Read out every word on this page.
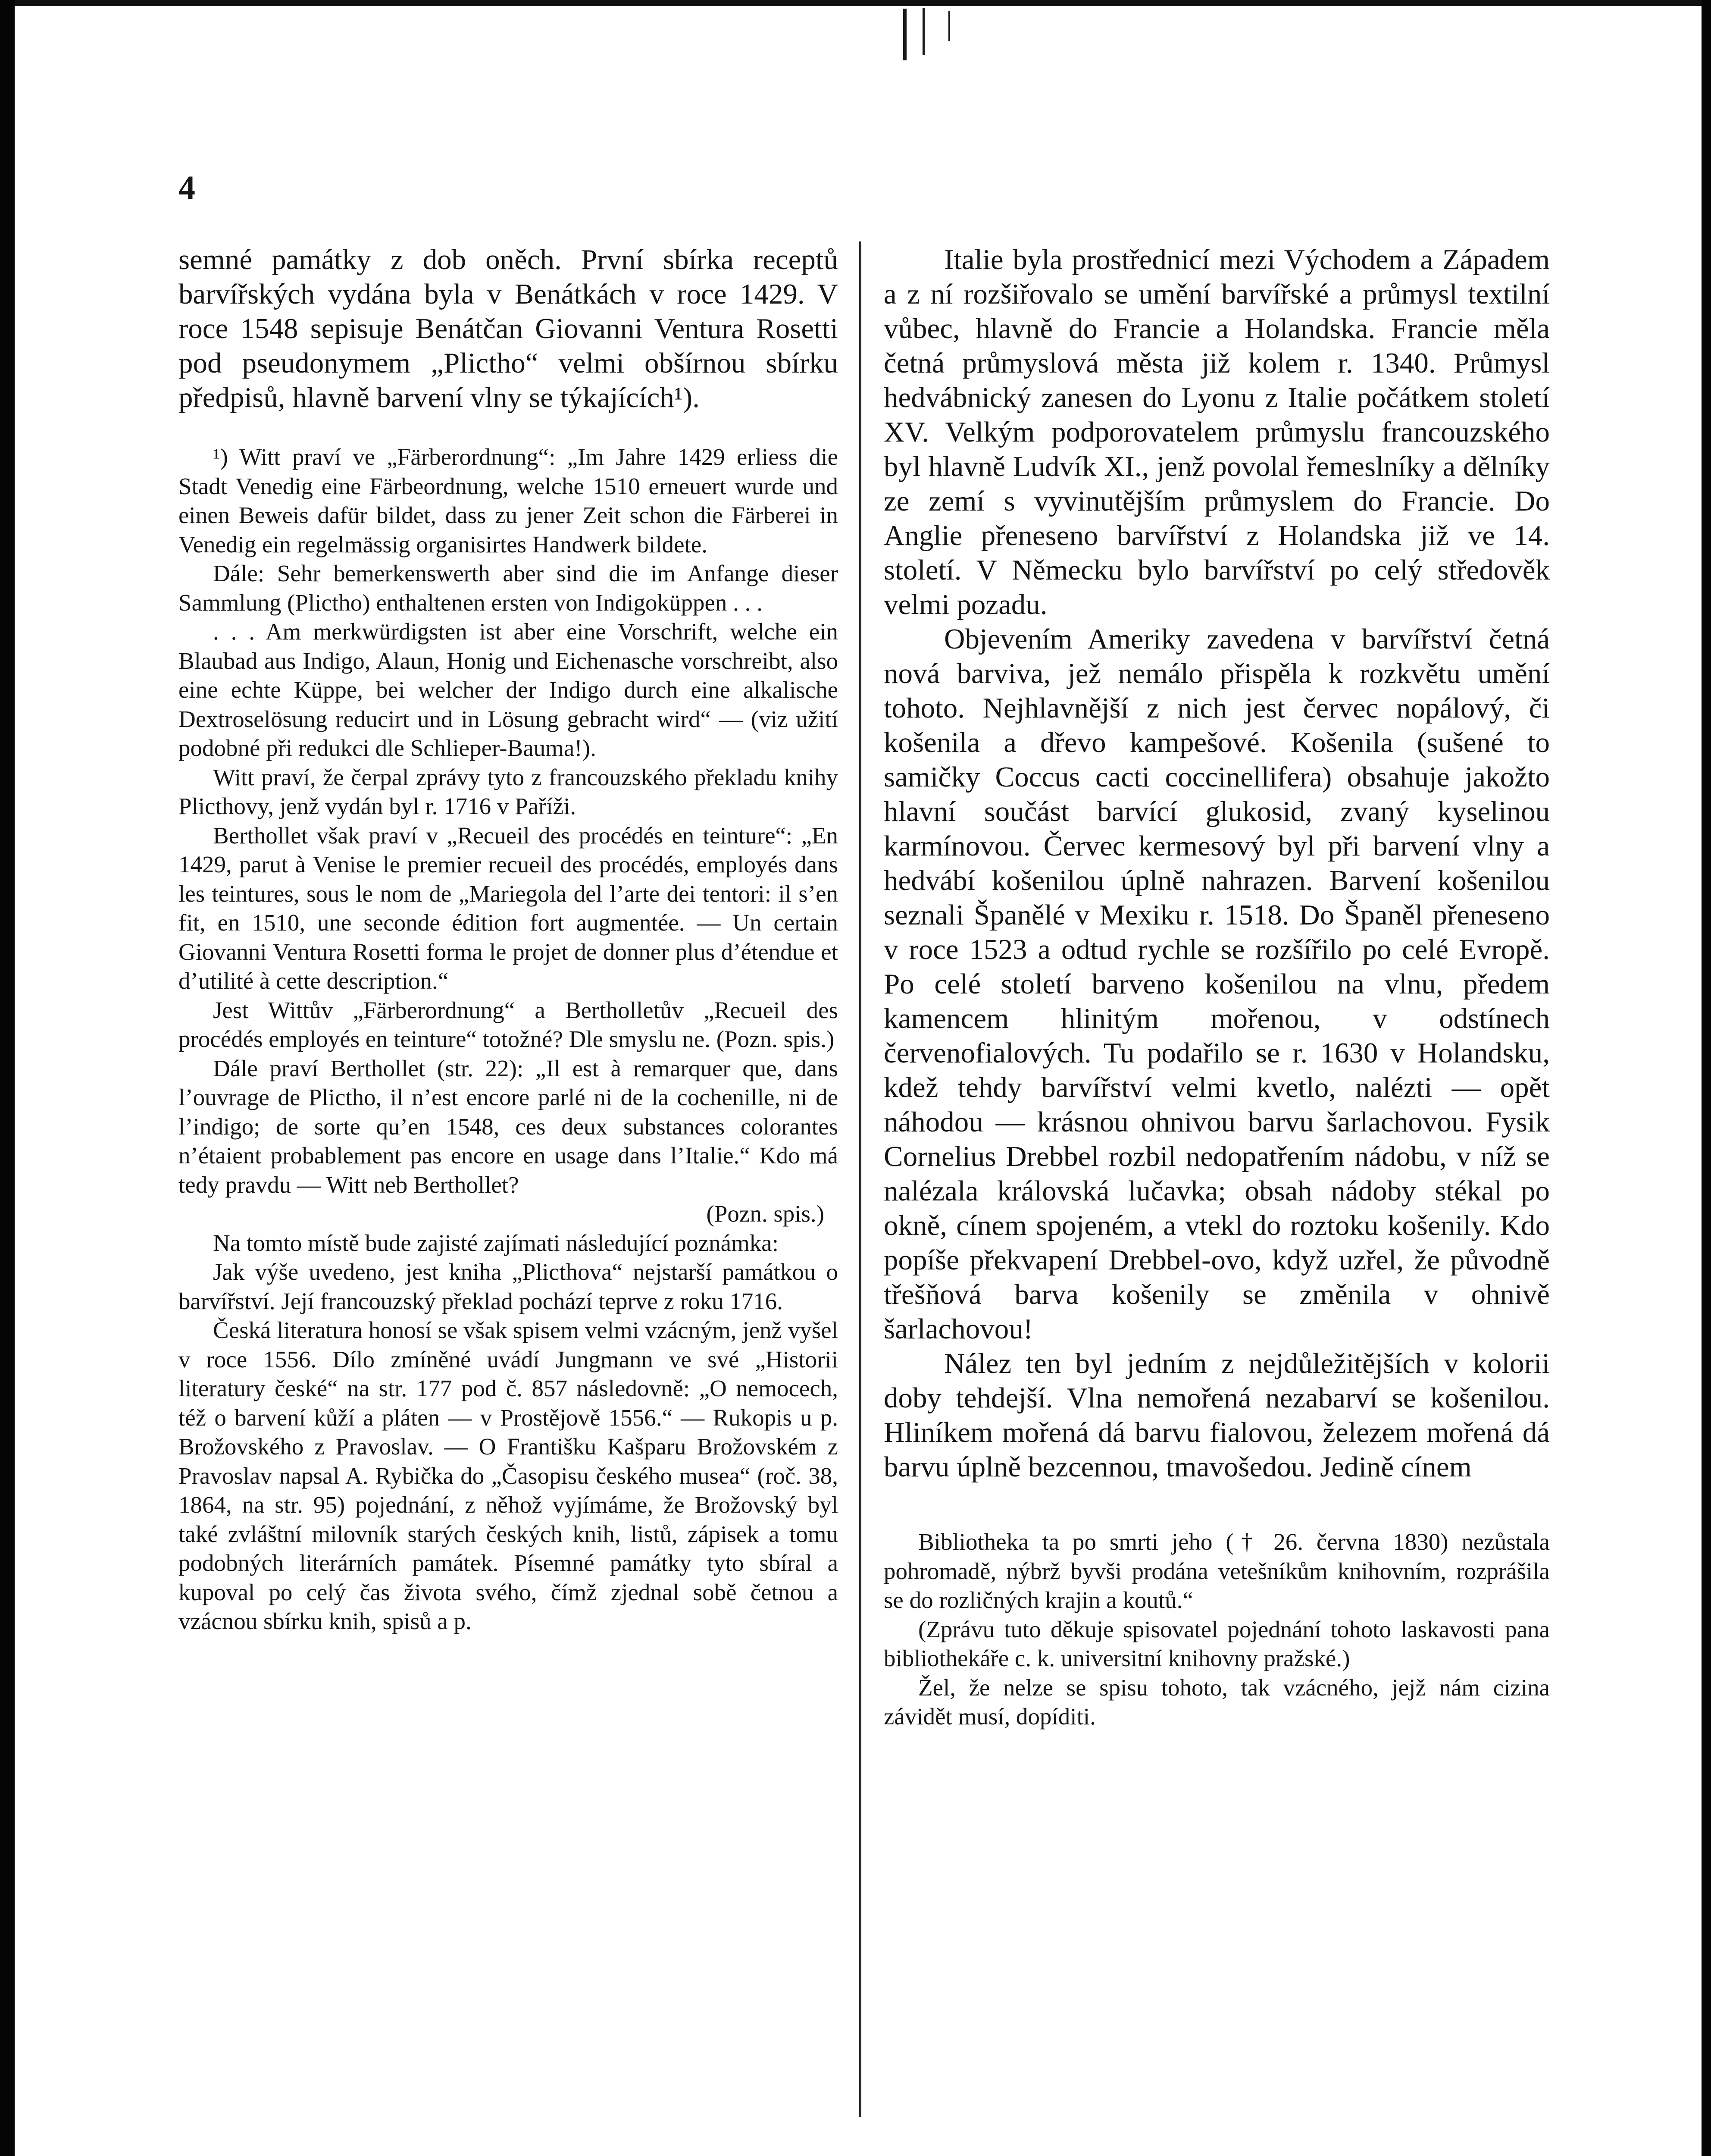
4

semné památky z dob oněch. První sbírka receptů barvířských vydána byla v Benátkách v roce 1429. V roce 1548 sepisuje Benátčan Giovanni Ventura Rosetti pod pseudonymem „Plictho“ velmi obšírnou sbírku předpisů, hlavně barvení vlny se týkajících¹).

¹) Witt praví ve „Färberordnung“: „Im Jahre 1429 erliess die Stadt Venedig eine Färbeordnung, welche 1510 erneuert wurde und einen Beweis dafür bildet, dass zu jener Zeit schon die Färberei in Venedig ein regelmässig organisirtes Handwerk bildete.

Dále: Sehr bemerkenswerth aber sind die im Anfange dieser Sammlung (Plictho) enthaltenen ersten von Indigoküppen . . .

. . . Am merkwürdigsten ist aber eine Vorschrift, welche ein Blaubad aus Indigo, Alaun, Honig und Eichenasche vorschreibt, also eine echte Küppe, bei welcher der Indigo durch eine alkalische Dextroselösung reducirt und in Lösung gebracht wird“ — (viz užití podobné při redukci dle Schlieper-Bauma!).

Witt praví, že čerpal zprávy tyto z francouzského překladu knihy Plicthovy, jenž vydán byl r. 1716 v Paříži.

Berthollet však praví v „Recueil des procédés en teinture“: „En 1429, parut à Venise le premier recueil des procédés, employés dans les teintures, sous le nom de „Mariegola del l’arte dei tentori: il s’en fit, en 1510, une seconde édition fort augmentée. — Un certain Giovanni Ventura Rosetti forma le projet de donner plus d’étendue et d’utilité à cette description.“

Jest Wittův „Färberordnung“ a Bertholletův „Recueil des procédés employés en teinture“ totožné? Dle smyslu ne. (Pozn. spis.)

Dále praví Berthollet (str. 22): „Il est à remarquer que, dans l’ouvrage de Plictho, il n’est encore parlé ni de la cochenille, ni de l’indigo; de sorte qu’en 1548, ces deux substances colorantes n’étaient probablement pas encore en usage dans l’Italie.“ Kdo má tedy pravdu — Witt neb Berthollet?

(Pozn. spis.)

Na tomto místě bude zajisté zajímati následující poznámka:

Jak výše uvedeno, jest kniha „Plicthova“ nejstarší památkou o barvířství. Její francouzský překlad pochází teprve z roku 1716.

Česká literatura honosí se však spisem velmi vzácným, jenž vyšel v roce 1556. Dílo zmíněné uvádí Jungmann ve své „Historii literatury české“ na str. 177 pod č. 857 následovně: „O nemocech, též o barvení kůží a pláten — v Prostějově 1556.“ — Rukopis u p. Brožovského z Pravoslav. — O Františku Kašparu Brožovském z Pravoslav napsal A. Rybička do „Časopisu českého musea“ (roč. 38, 1864, na str. 95) pojednání, z něhož vyjímáme, že Brožovský byl také zvláštní milovník starých českých knih, listů, zápisek a tomu podobných literárních památek. Písemné památky tyto sbíral a kupoval po celý čas života svého, čímž zjednal sobě četnou a vzácnou sbírku knih, spisů a p.

Italie byla prostřednicí mezi Východem a Západem a z ní rozšiřovalo se umění barvířské a průmysl textilní vůbec, hlavně do Francie a Holandska. Francie měla četná průmyslová města již kolem r. 1340. Průmysl hedvábnický zanesen do Lyonu z Italie počátkem století XV. Velkým podporovatelem průmyslu francouzského byl hlavně Ludvík XI., jenž povolal řemeslníky a dělníky ze zemí s vyvinutějším průmyslem do Francie. Do Anglie přeneseno barvířství z Holandska již ve 14. století. V Německu bylo barvířství po celý středověk velmi pozadu.

Objevením Ameriky zavedena v barvířství četná nová barviva, jež nemálo přispěla k rozkvětu umění tohoto. Nejhlavnější z nich jest červec nopálový, či košenila a dřevo kampešové. Košenila (sušené to samičky Coccus cacti coccinellifera) obsahuje jakožto hlavní součást barvící glukosid, zvaný kyselinou karmínovou. Červec kermesový byl při barvení vlny a hedvábí košenilou úplně nahrazen. Barvení košenilou seznali Španělé v Mexiku r. 1518. Do Španěl přeneseno v roce 1523 a odtud rychle se rozšířilo po celé Evropě. Po celé století barveno košenilou na vlnu, předem kamencem hlinitým mořenou, v odstínech červenofialových. Tu podařilo se r. 1630 v Holandsku, kdež tehdy barvířství velmi kvetlo, nalézti — opět náhodou — krásnou ohnivou barvu šarlachovou. Fysik Cornelius Drebbel rozbil nedopatřením nádobu, v níž se nalézala královská lučavka; obsah nádoby stékal po okně, cínem spojeném, a vtekl do roztoku košenily. Kdo popíše překvapení Drebbel-ovo, když uzřel, že původně třešňová barva košenily se změnila v ohnivě šarlachovou!

Nález ten byl jedním z nejdůležitějších v kolorii doby tehdejší. Vlna nemořená nezabarví se košenilou. Hliníkem mořená dá barvu fialovou, železem mořená dá barvu úplně bezcennou, tmavošedou. Jedině cínem

Bibliotheka ta po smrti jeho († 26. června 1830) nezůstala pohromadě, nýbrž byvši prodána vetešníkům knihovním, rozprášila se do rozličných krajin a koutů.“

(Zprávu tuto děkuje spisovatel pojednání tohoto laskavosti pana bibliothekáře c. k. universitní knihovny pražské.)

Žel, že nelze se spisu tohoto, tak vzácného, jejž nám cizina závidět musí, dopíditi.
